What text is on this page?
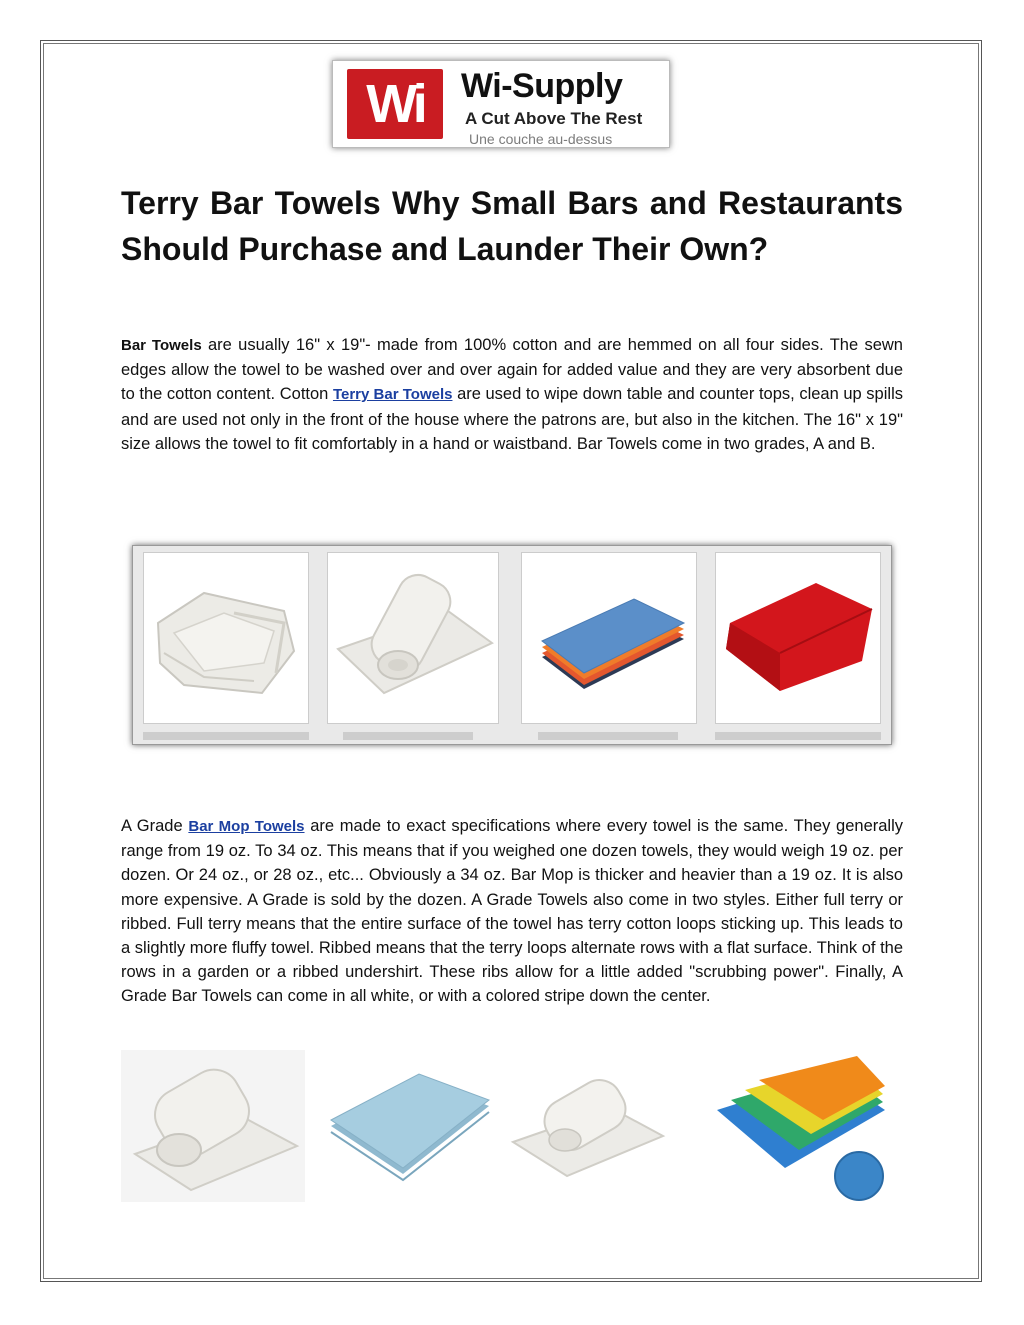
Wi	Wi-Supply
A Cut Above The Rest
Une couche au-dessus
Terry Bar Towels Why Small Bars and Restaurants Should Purchase and Launder Their Own?

Bar Towels are usually 16" x 19"- made from 100% cotton and are hemmed on all four sides. The sewn edges allow the towel to be washed over and over again for added value and they are very absorbent due to the cotton content. Cotton Terry Bar Towels are used to wipe down table and counter tops, clean up spills and are used not only in the front of the house where the patrons are, but also in the kitchen. The 16" x 19" size allows the towel to fit comfortably in a hand or waistband. Bar Towels come in two grades, A and B.

A Grade Bar Mop Towels are made to exact specifications where every towel is the same. They generally range from 19 oz. To 34 oz. This means that if you weighed one dozen towels, they would weigh 19 oz. per dozen. Or 24 oz., or 28 oz., etc... Obviously a 34 oz. Bar Mop is thicker and heavier than a 19 oz. It is also more expensive. A Grade is sold by the dozen. A Grade Towels also come in two styles. Either full terry or ribbed. Full terry means that the entire surface of the towel has terry cotton loops sticking up. This leads to a slightly more fluffy towel. Ribbed means that the terry loops alternate rows with a flat surface. Think of the rows in a garden or a ribbed undershirt. These ribs allow for a little added "scrubbing power". Finally, A Grade Bar Towels can come in all white, or with a colored stripe down the center.
